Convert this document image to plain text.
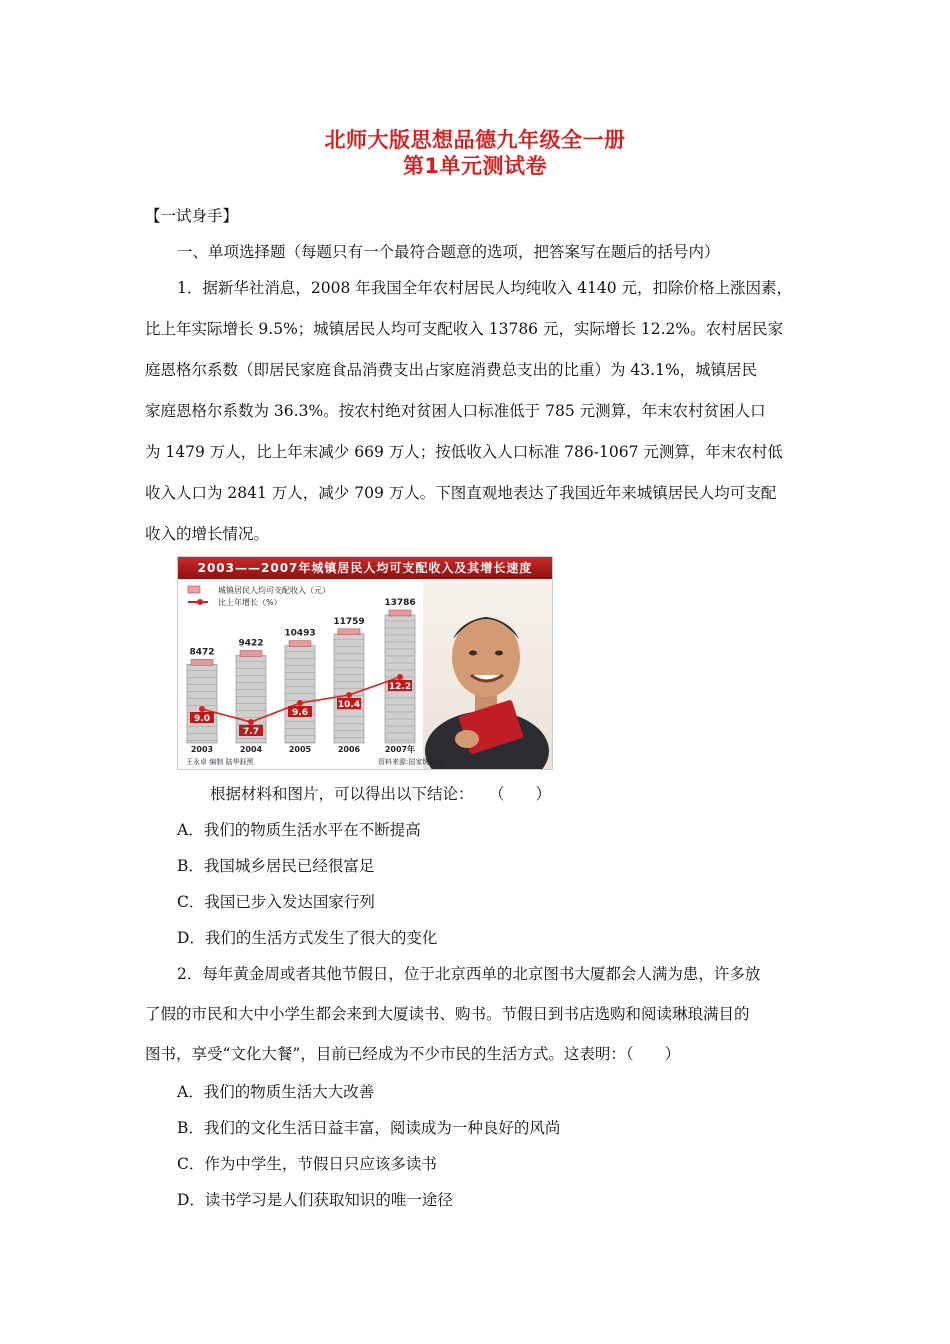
北师大版思想品德九年级全一册
第1单元测试卷
【一试身手】
一、单项选择题（每题只有一个最符合题意的选项，把答案写在题后的括号内）
1．据新华社消息，2008 年我国全年农村居民人均纯收入 4140 元，扣除价格上涨因素，
比上年实际增长 9.5%；城镇居民人均可支配收入 13786 元，实际增长 12.2%。农村居民家
庭恩格尔系数（即居民家庭食品消费支出占家庭消费总支出的比重）为 43.1%，城镇居民
家庭恩格尔系数为 36.3%。按农村绝对贫困人口标准低于 785 元测算，年末农村贫困人口
为 1479 万人，比上年末减少 669 万人；按低收入人口标准 786-1067 元测算，年末农村低
收入人口为 2841 万人，减少 709 万人。下图直观地表达了我国近年来城镇居民人均可支配
收入的增长情况。
2003——2007年城镇居民人均可支配收入及其增长速度
城镇居民人均可支配收入（元）
比上年增长（%）
8472
2003
9422
2004
10493
2005
11759
2006
13786
2007年
9.0
7.7
9.6
10.4
12.2
王永卓 编制 陆华鈺黑	资料来源:国家统计局
根据材料和图片，可以得出以下结论：　　（　　）
A．我们的物质生活水平在不断提高
B．我国城乡居民已经很富足
C．我国已步入发达国家行列
D．我们的生活方式发生了很大的变化
2．每年黄金周或者其他节假日，位于北京西单的北京图书大厦都会人满为患，许多放
了假的市民和大中小学生都会来到大厦读书、购书。节假日到书店选购和阅读琳琅满目的
图书，享受“文化大餐”，目前已经成为不少市民的生活方式。这表明：（　　）
A．我们的物质生活大大改善
B．我们的文化生活日益丰富，阅读成为一种良好的风尚
C．作为中学生，节假日只应该多读书
D．读书学习是人们获取知识的唯一途径
